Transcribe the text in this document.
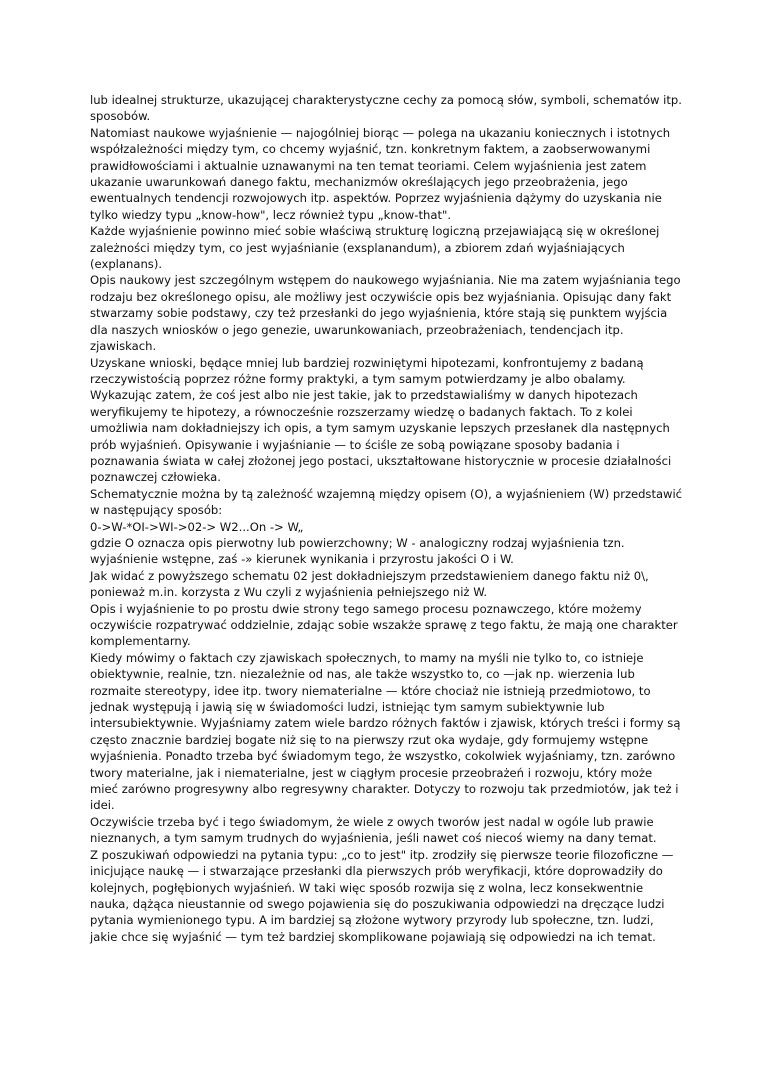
lub idealnej strukturze, ukazującej charakterystyczne cechy za pomocą słów, symboli, schematów itp.
sposobów.
Natomiast naukowe wyjaśnienie — najogólniej biorąc — polega na ukazaniu koniecznych i istotnych
współzależności między tym, co chcemy wyjaśnić, tzn. konkretnym faktem, a zaobserwowanymi
prawidłowościami i aktualnie uznawanymi na ten temat teoriami. Celem wyjaśnienia jest zatem
ukazanie uwarunkowań danego faktu, mechanizmów określających jego przeobrażenia, jego
ewentualnych tendencji rozwojowych itp. aspektów. Poprzez wyjaśnienia dążymy do uzyskania nie
tylko wiedzy typu „know-how", lecz również typu „know-that".
Każde wyjaśnienie powinno mieć sobie właściwą strukturę logiczną przejawiającą się w określonej
zależności między tym, co jest wyjaśnianie (exsplanandum), a zbiorem zdań wyjaśniających
(explanans).
Opis naukowy jest szczególnym wstępem do naukowego wyjaśniania. Nie ma zatem wyjaśniania tego
rodzaju bez określonego opisu, ale możliwy jest oczywiście opis bez wyjaśniania. Opisując dany fakt
stwarzamy sobie podstawy, czy też przesłanki do jego wyjaśnienia, które stają się punktem wyjścia
dla naszych wniosków o jego genezie, uwarunkowaniach, przeobrażeniach, tendencjach itp.
zjawiskach.
Uzyskane wnioski, będące mniej lub bardziej rozwiniętymi hipotezami, konfrontujemy z badaną
rzeczywistością poprzez różne formy praktyki, a tym samym potwierdzamy je albo obalamy.
Wykazując zatem, że coś jest albo nie jest takie, jak to przedstawialiśmy w danych hipotezach
weryfikujemy te hipotezy, a równocześnie rozszerzamy wiedzę o badanych faktach. To z kolei
umożliwia nam dokładniejszy ich opis, a tym samym uzyskanie lepszych przesłanek dla następnych
prób wyjaśnień. Opisywanie i wyjaśnianie — to ściśle ze sobą powiązane sposoby badania i
poznawania świata w całej złożonej jego postaci, ukształtowane historycznie w procesie działalności
poznawczej człowieka.
Schematycznie można by tą zależność wzajemną między opisem (O), a wyjaśnieniem (W) przedstawić
w następujący sposób:
0->W-*OI->WI->02-> W2...On -> W„
gdzie O oznacza opis pierwotny lub powierzchowny; W - analogiczny rodzaj wyjaśnienia tzn.
wyjaśnienie wstępne, zaś -» kierunek wynikania i przyrostu jakości O i W.
Jak widać z powyższego schematu 02 jest dokładniejszym przedstawieniem danego faktu niż 0\,
ponieważ m.in. korzysta z Wu czyli z wyjaśnienia pełniejszego niż W.
Opis i wyjaśnienie to po prostu dwie strony tego samego procesu poznawczego, które możemy
oczywiście rozpatrywać oddzielnie, zdając sobie wszakże sprawę z tego faktu, że mają one charakter
komplementarny.
Kiedy mówimy o faktach czy zjawiskach społecznych, to mamy na myśli nie tylko to, co istnieje
obiektywnie, realnie, tzn. niezależnie od nas, ale także wszystko to, co —jak np. wierzenia lub
rozmaite stereotypy, idee itp. twory niematerialne — które chociaż nie istnieją przedmiotowo, to
jednak występują i jawią się w świadomości ludzi, istniejąc tym samym subiektywnie lub
intersubiektywnie. Wyjaśniamy zatem wiele bardzo różnych faktów i zjawisk, których treści i formy są
często znacznie bardziej bogate niż się to na pierwszy rzut oka wydaje, gdy formujemy wstępne
wyjaśnienia. Ponadto trzeba być świadomym tego, że wszystko, cokolwiek wyjaśniamy, tzn. zarówno
twory materialne, jak i niematerialne, jest w ciągłym procesie przeobrażeń i rozwoju, który może
mieć zarówno progresywny albo regresywny charakter. Dotyczy to rozwoju tak przedmiotów, jak też i
idei.
Oczywiście trzeba być i tego świadomym, że wiele z owych tworów jest nadal w ogóle lub prawie
nieznanych, a tym samym trudnych do wyjaśnienia, jeśli nawet coś niecoś wiemy na dany temat.
Z poszukiwań odpowiedzi na pytania typu: „co to jest" itp. zrodziły się pierwsze teorie filozoficzne —
inicjujące naukę — i stwarzające przesłanki dla pierwszych prób weryfikacji, które doprowadziły do
kolejnych, pogłębionych wyjaśnień. W taki więc sposób rozwija się z wolna, lecz konsekwentnie
nauka, dążąca nieustannie od swego pojawienia się do poszukiwania odpowiedzi na dręczące ludzi
pytania wymienionego typu. A im bardziej są złożone wytwory przyrody lub społeczne, tzn. ludzi,
jakie chce się wyjaśnić — tym też bardziej skomplikowane pojawiają się odpowiedzi na ich temat.
